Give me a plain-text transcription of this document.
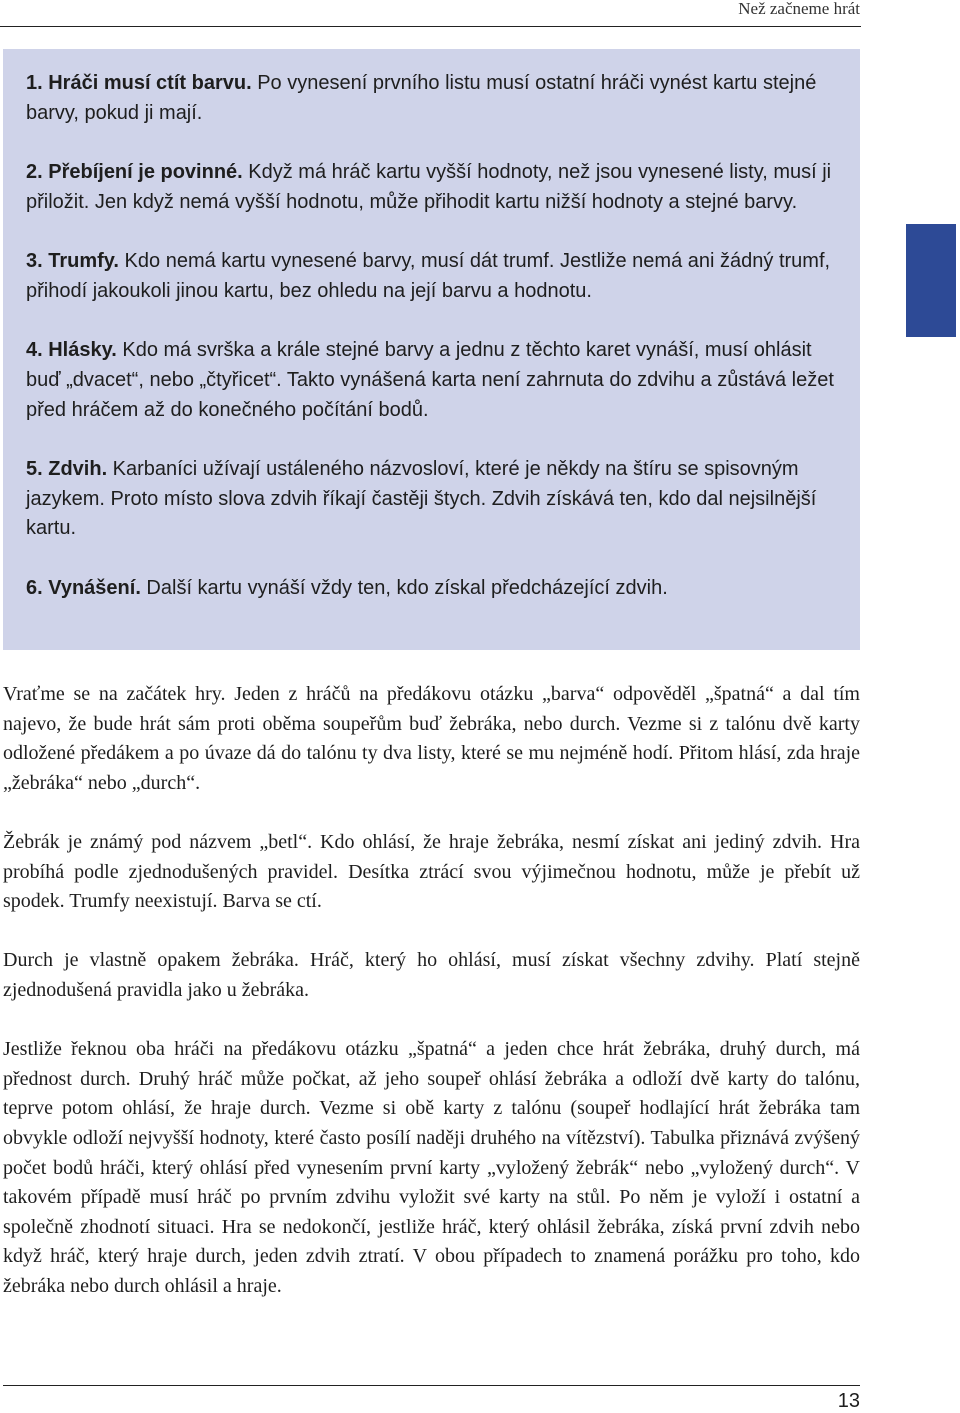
Než začneme hrát

1. Hráči musí ctít barvu. Po vynesení prvního listu musí ostatní hráči vynést kartu stejné barvy, pokud ji mají.

2. Přebíjení je povinné. Když má hráč kartu vyšší hodnoty, než jsou vynesené listy, musí ji přiložit. Jen když nemá vyšší hodnotu, může přihodit kartu nižší hodnoty a stejné barvy.

3. Trumfy. Kdo nemá kartu vynesené barvy, musí dát trumf. Jestliže nemá ani žádný trumf, přihodí jakoukoli jinou kartu, bez ohledu na její barvu a hodnotu.

4. Hlásky. Kdo má svrška a krále stejné barvy a jednu z těchto karet vynáší, musí ohlásit buď „dvacet“, nebo „čtyřicet“. Takto vynášená karta není zahrnuta do zdvihu a zůstává ležet před hráčem až do konečného počítání bodů.

5. Zdvih. Karbaníci užívají ustáleného názvosloví, které je někdy na štíru se spisovným jazykem. Proto místo slova zdvih říkají častěji štych. Zdvih získává ten, kdo dal nejsilnější kartu.

6. Vynášení. Další kartu vynáší vždy ten, kdo získal předcházející zdvih.

Vraťme se na začátek hry. Jeden z hráčů na předákovu otázku „barva“ odpověděl „špatná“ a dal tím najevo, že bude hrát sám proti oběma soupeřům buď žebráka, nebo durch. Vezme si z talónu dvě karty odložené předákem a po úvaze dá do talónu ty dva listy, které se mu nejméně hodí. Přitom hlásí, zda hraje „žebráka“ nebo „durch“.

Žebrák je známý pod názvem „betl“. Kdo ohlásí, že hraje žebráka, nesmí získat ani jediný zdvih. Hra probíhá podle zjednodušených pravidel. Desítka ztrácí svou výjimečnou hodnotu, může je přebít už spodek. Trumfy neexistují. Barva se ctí.

Durch je vlastně opakem žebráka. Hráč, který ho ohlásí, musí získat všechny zdvihy. Platí stejně zjednodušená pravidla jako u žebráka.

Jestliže řeknou oba hráči na předákovu otázku „špatná“ a jeden chce hrát žebráka, druhý durch, má přednost durch. Druhý hráč může počkat, až jeho soupeř ohlásí žebráka a odloží dvě karty do talónu, teprve potom ohlásí, že hraje durch. Vezme si obě karty z talónu (soupeř hodlající hrát žebráka tam obvykle odloží nejvyšší hodnoty, které často posílí naději druhého na vítězství). Tabulka přiznává zvýšený počet bodů hráči, který ohlásí před vynesením první karty „vyložený žebrák“ nebo „vyložený durch“. V takovém případě musí hráč po prvním zdvihu vyložit své karty na stůl. Po něm je vyloží i ostatní a společně zhodnotí situaci. Hra se nedokončí, jestliže hráč, který ohlásil žebráka, získá první zdvih nebo když hráč, který hraje durch, jeden zdvih ztratí. V obou případech to znamená porážku pro toho, kdo žebráka nebo durch ohlásil a hraje.

13
